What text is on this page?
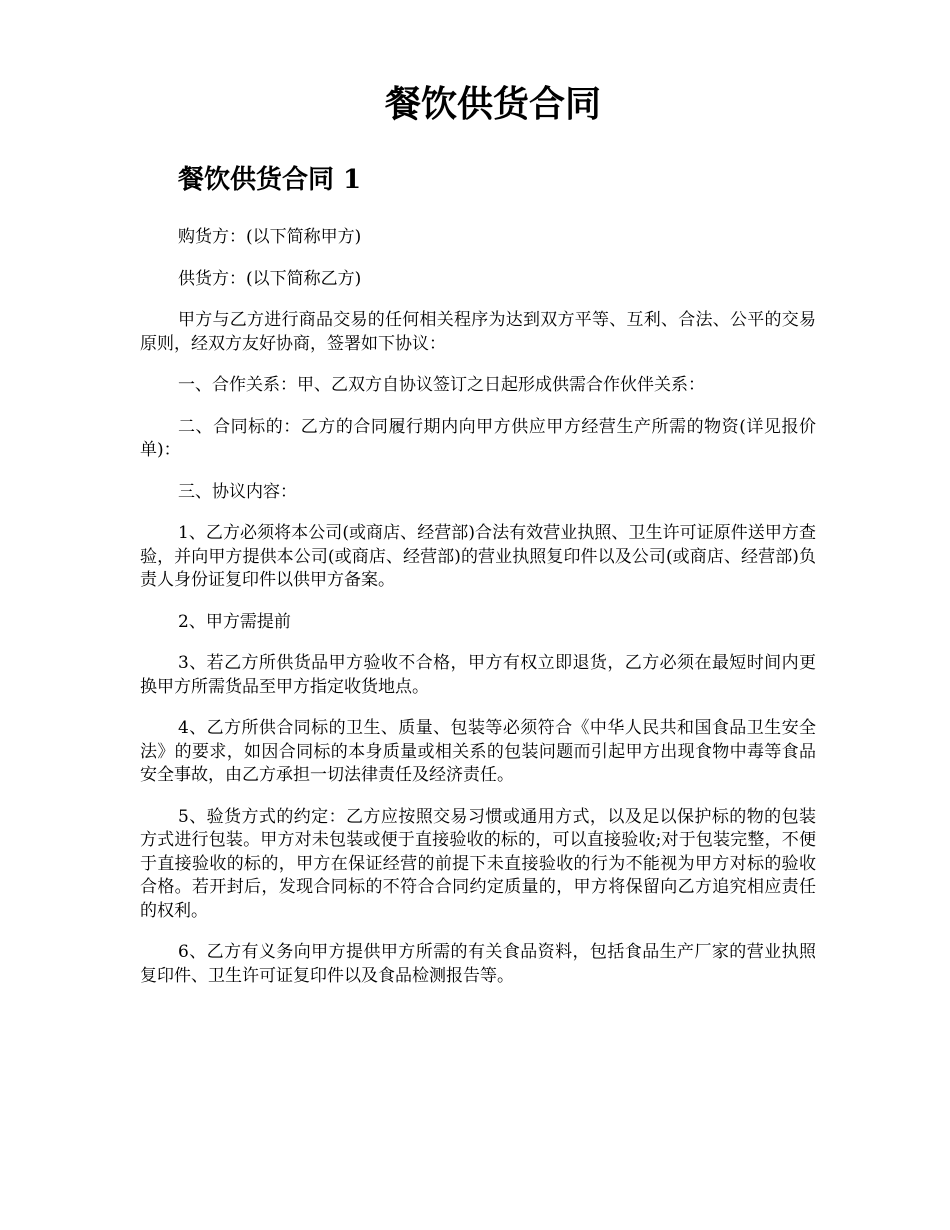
餐饮供货合同
餐饮供货合同 1

购货方：(以下简称甲方)

供货方：(以下简称乙方)

甲方与乙方进行商品交易的任何相关程序为达到双方平等、互利、合法、公平的交易原则，经双方友好协商，签署如下协议：

一、合作关系：甲、乙双方自协议签订之日起形成供需合作伙伴关系：

二、合同标的：乙方的合同履行期内向甲方供应甲方经营生产所需的物资(详见报价单)：

三、协议内容：

1、乙方必须将本公司(或商店、经营部)合法有效营业执照、卫生许可证原件送甲方查验，并向甲方提供本公司(或商店、经营部)的营业执照复印件以及公司(或商店、经营部)负责人身份证复印件以供甲方备案。

2、甲方需提前

3、若乙方所供货品甲方验收不合格，甲方有权立即退货，乙方必须在最短时间内更换甲方所需货品至甲方指定收货地点。

4、乙方所供合同标的卫生、质量、包装等必须符合《中华人民共和国食品卫生安全法》的要求，如因合同标的本身质量或相关系的包装问题而引起甲方出现食物中毒等食品安全事故，由乙方承担一切法律责任及经济责任。

5、验货方式的约定：乙方应按照交易习惯或通用方式，以及足以保护标的物的包装方式进行包装。甲方对未包装或便于直接验收的标的，可以直接验收;对于包装完整，不便于直接验收的标的，甲方在保证经营的前提下未直接验收的行为不能视为甲方对标的验收合格。若开封后，发现合同标的不符合合同约定质量的，甲方将保留向乙方追究相应责任的权利。

6、乙方有义务向甲方提供甲方所需的有关食品资料，包括食品生产厂家的营业执照复印件、卫生许可证复印件以及食品检测报告等。
